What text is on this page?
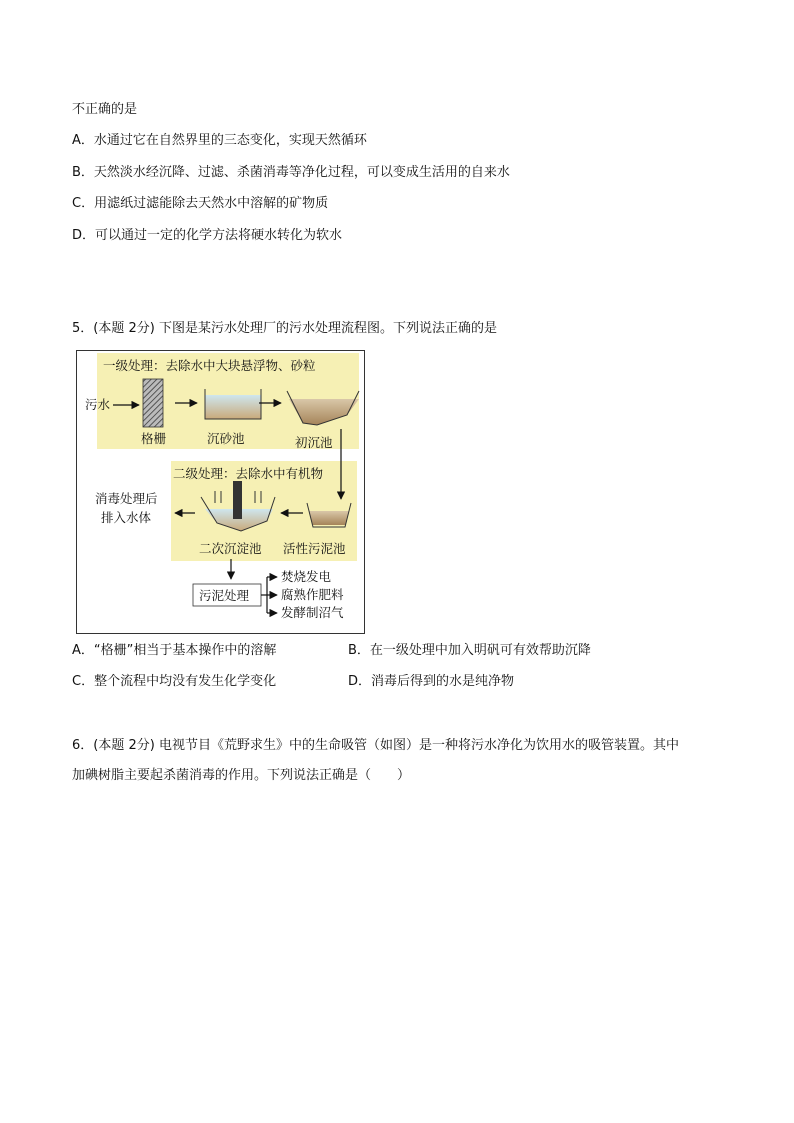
不正确的是
A．水通过它在自然界里的三态变化，实现天然循环
B．天然淡水经沉降、过滤、杀菌消毒等净化过程，可以变成生活用的自来水
C．用滤纸过滤能除去天然水中溶解的矿物质
D．可以通过一定的化学方法将硬水转化为软水
5．(本题 2分) 下图是某污水处理厂的污水处理流程图。下列说法正确的是
一级处理：去除水中大块悬浮物、砂粒
污水
格栅	沉砂池	初沉池
二级处理：去除水中有机物
消毒处理后
排入水体
二次沉淀池 活性污泥池
污泥处理
焚烧发电
腐熟作肥料
发酵制沼气
A．“格栅”相当于基本操作中的溶解	B．在一级处理中加入明矾可有效帮助沉降
C．整个流程中均没有发生化学变化	D．消毒后得到的水是纯净物
6．(本题 2分) 电视节目《荒野求生》中的生命吸管（如图）是一种将污水净化为饮用水的吸管装置。其中
加碘树脂主要起杀菌消毒的作用。下列说法正确是（　　）
